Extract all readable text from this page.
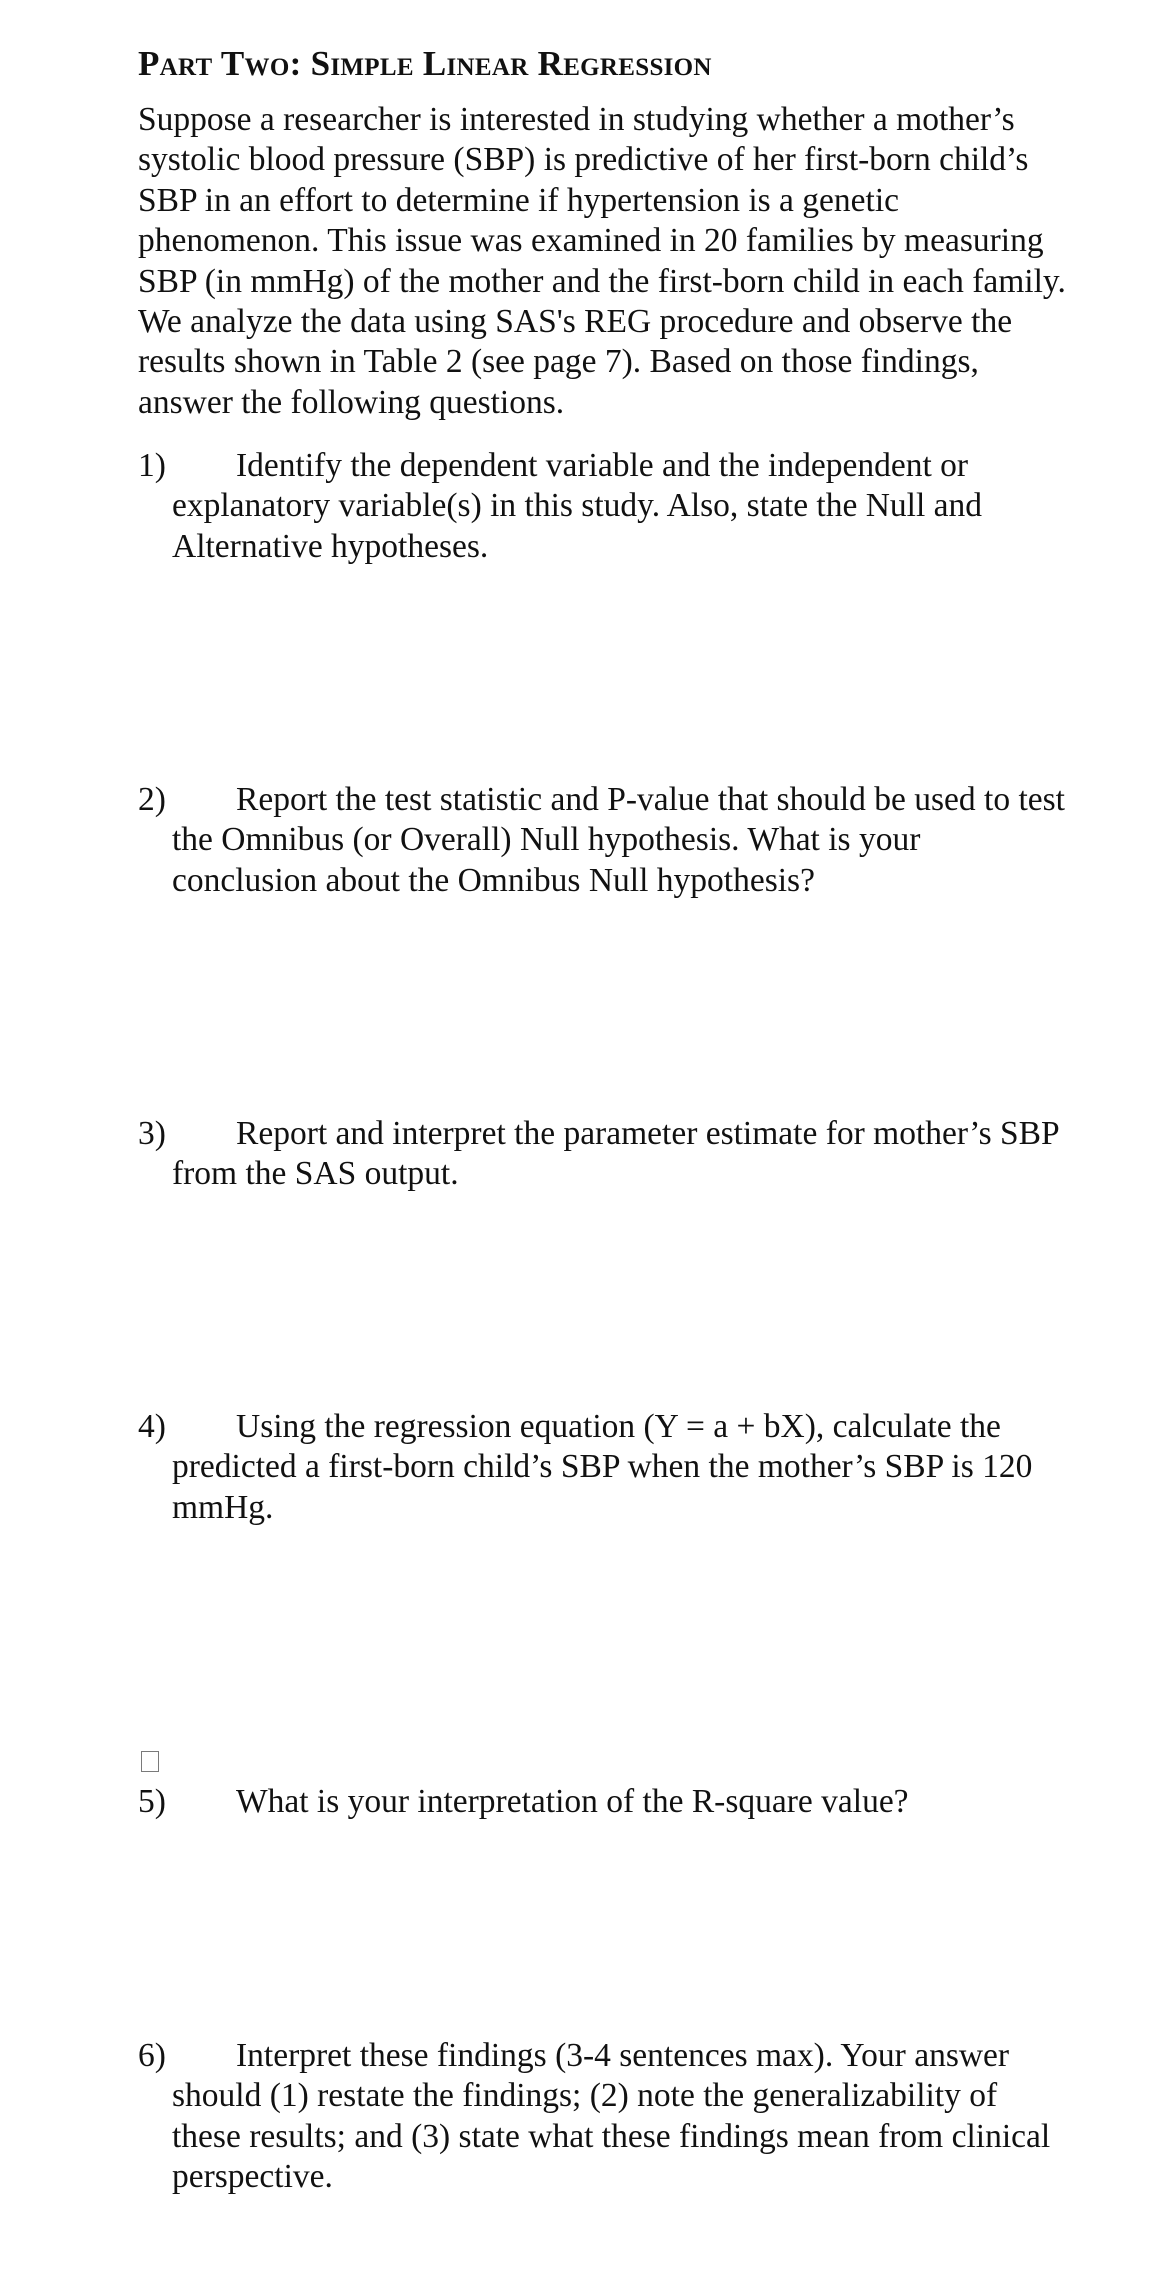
Part Two: Simple Linear Regression
Suppose a researcher is interested in studying whether a mother’s systolic blood pressure (SBP) is predictive of her first-born child’s SBP in an effort to determine if hypertension is a genetic phenomenon. This issue was examined in 20 families by measuring SBP (in mmHg) of the mother and the first-born child in each family. We analyze the data using SAS's REG procedure and observe the results shown in Table 2 (see page 7). Based on those findings, answer the following questions.
1) Identify the dependent variable and the independent or explanatory variable(s) in this study. Also, state the Null and Alternative hypotheses.
2) Report the test statistic and P-value that should be used to test the Omnibus (or Overall) Null hypothesis. What is your conclusion about the Omnibus Null hypothesis?
3) Report and interpret the parameter estimate for mother’s SBP from the SAS output.
4) Using the regression equation (Y = a + bX), calculate the predicted a first-born child’s SBP when the mother’s SBP is 120 mmHg.
5) What is your interpretation of the R-square value?
6) Interpret these findings (3-4 sentences max). Your answer should (1) restate the findings; (2) note the generalizability of these results; and (3) state what these findings mean from clinical perspective.
